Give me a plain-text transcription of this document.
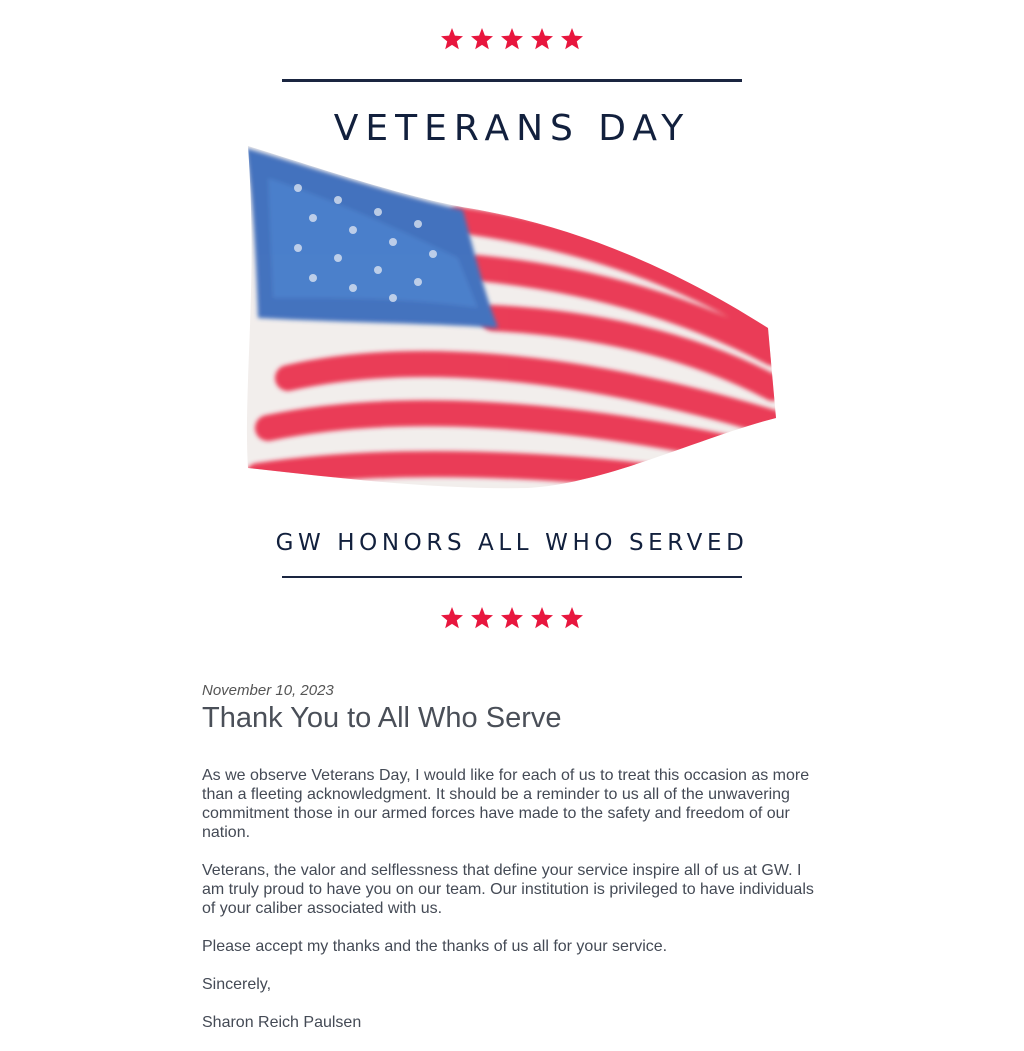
VETERANS DAY
GW HONORS ALL WHO SERVED
November 10, 2023
Thank You to All Who Serve

As we observe Veterans Day, I would like for each of us to treat this occasion as more than a fleeting acknowledgment. It should be a reminder to us all of the unwavering commitment those in our armed forces have made to the safety and freedom of our nation.

Veterans, the valor and selflessness that define your service inspire all of us at GW. I am truly proud to have you on our team. Our institution is privileged to have individuals of your caliber associated with us.

Please accept my thanks and the thanks of us all for your service.

Sincerely,

Sharon Reich Paulsen
